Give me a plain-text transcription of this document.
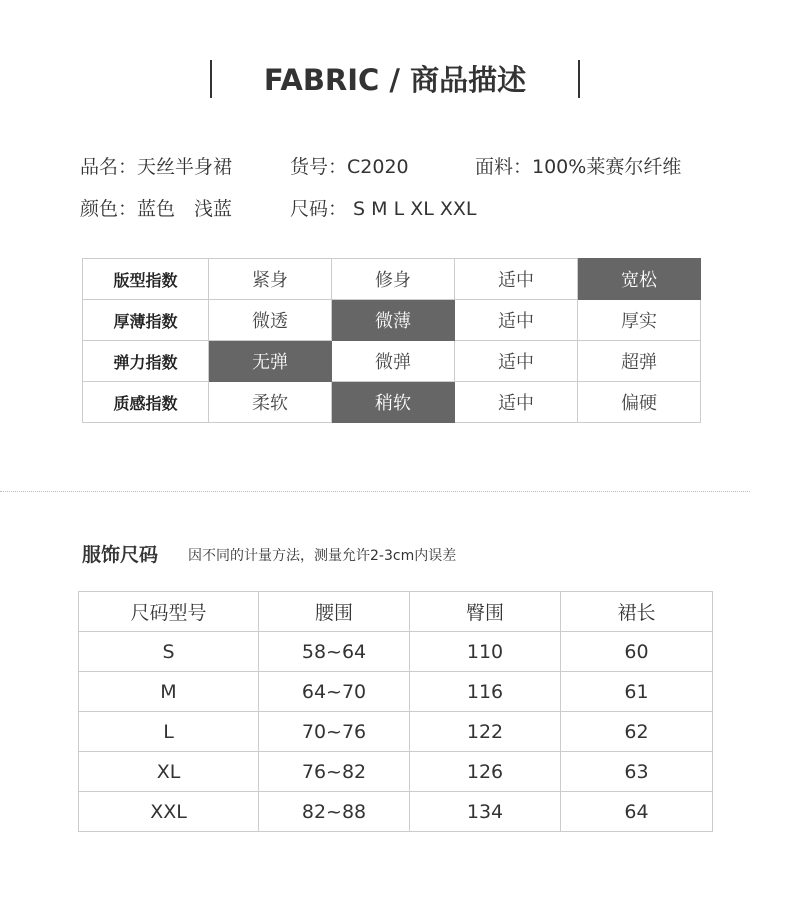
FABRIC / 商品描述
品名：天丝半身裙	货号：C2020	面料：100%莱赛尔纤维
颜色：蓝色　浅蓝	尺码： S M L XL XXL
版型指数	紧身	修身	适中	宽松
厚薄指数	微透	微薄	适中	厚实
弹力指数	无弹	微弹	适中	超弹
质感指数	柔软	稍软	适中	偏硬
服饰尺码 因不同的计量方法，测量允许2-3cm内误差
尺码型号	腰围	臀围	裙长
S	58~64	110	60
M	64~70	116	61
L	70~76	122	62
XL	76~82	126	63
XXL	82~88	134	64
